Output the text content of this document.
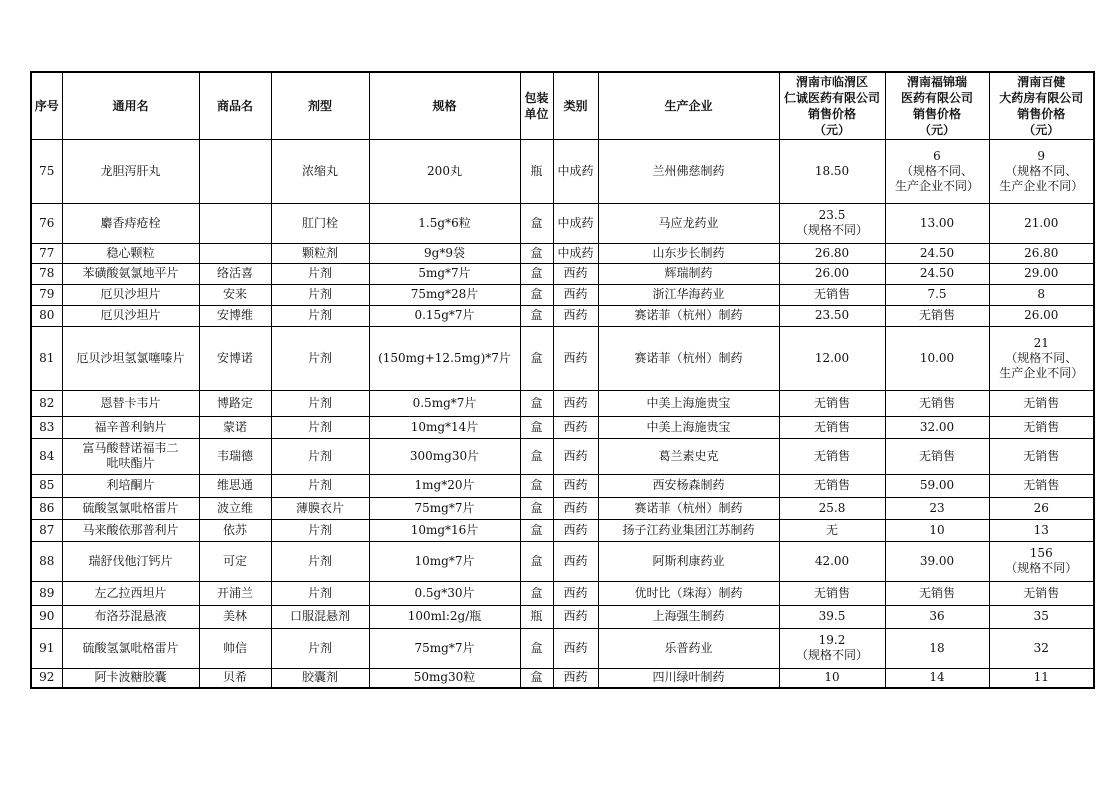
序号	通用名	商品名	剂型	规格	包装
单位	类别	生产企业	渭南市临渭区
仁诚医药有限公司
销售价格
（元）	渭南福锦瑞
医药有限公司
销售价格
（元）	渭南百健
大药房有限公司
销售价格
（元）

75	龙胆泻肝丸		浓缩丸	200丸	瓶	中成药	兰州佛慈制药	18.50	6
（规格不同、
生产企业不同）	9
（规格不同、
生产企业不同）

76	麝香痔疮栓		肛门栓	1.5g*6粒	盒	中成药	马应龙药业	23.5
（规格不同）	13.00	21.00

77	稳心颗粒		颗粒剂	9g*9袋	盒	中成药	山东步长制药	26.80	24.50	26.80

78	苯磺酸氨氯地平片	络活喜	片剂	5mg*7片	盒	西药	辉瑞制药	26.00	24.50	29.00

79	厄贝沙坦片	安来	片剂	75mg*28片	盒	西药	浙江华海药业	无销售	7.5	8

80	厄贝沙坦片	安博维	片剂	0.15g*7片	盒	西药	赛诺菲（杭州）制药	23.50	无销售	26.00

81	厄贝沙坦氢氯噻嗪片	安博诺	片剂	(150mg+12.5mg)*7片	盒	西药	赛诺菲（杭州）制药	12.00	10.00	21
（规格不同、
生产企业不同）

82	恩替卡韦片	博路定	片剂	0.5mg*7片	盒	西药	中美上海施贵宝	无销售	无销售	无销售

83	福辛普利钠片	蒙诺	片剂	10mg*14片	盒	西药	中美上海施贵宝	无销售	32.00	无销售

84	富马酸替诺福韦二
吡呋酯片	韦瑞德	片剂	300mg30片	盒	西药	葛兰素史克	无销售	无销售	无销售

85	利培酮片	维思通	片剂	1mg*20片	盒	西药	西安杨森制药	无销售	59.00	无销售

86	硫酸氢氯吡格雷片	波立维	薄膜衣片	75mg*7片	盒	西药	赛诺菲（杭州）制药	25.8	23	26

87	马来酸依那普利片	依苏	片剂	10mg*16片	盒	西药	扬子江药业集团江苏制药	无	10	13

88	瑞舒伐他汀钙片	可定	片剂	10mg*7片	盒	西药	阿斯利康药业	42.00	39.00	156
（规格不同）

89	左乙拉西坦片	开浦兰	片剂	0.5g*30片	盒	西药	优时比（珠海）制药	无销售	无销售	无销售

90	布洛芬混悬液	美林	口服混悬剂	100ml:2g/瓶	瓶	西药	上海强生制药	39.5	36	35

91	硫酸氢氯吡格雷片	帅信	片剂	75mg*7片	盒	西药	乐普药业	19.2
（规格不同）	18	32

92	阿卡波糖胶囊	贝希	胶囊剂	50mg30粒	盒	西药	四川绿叶制药	10	14	11
